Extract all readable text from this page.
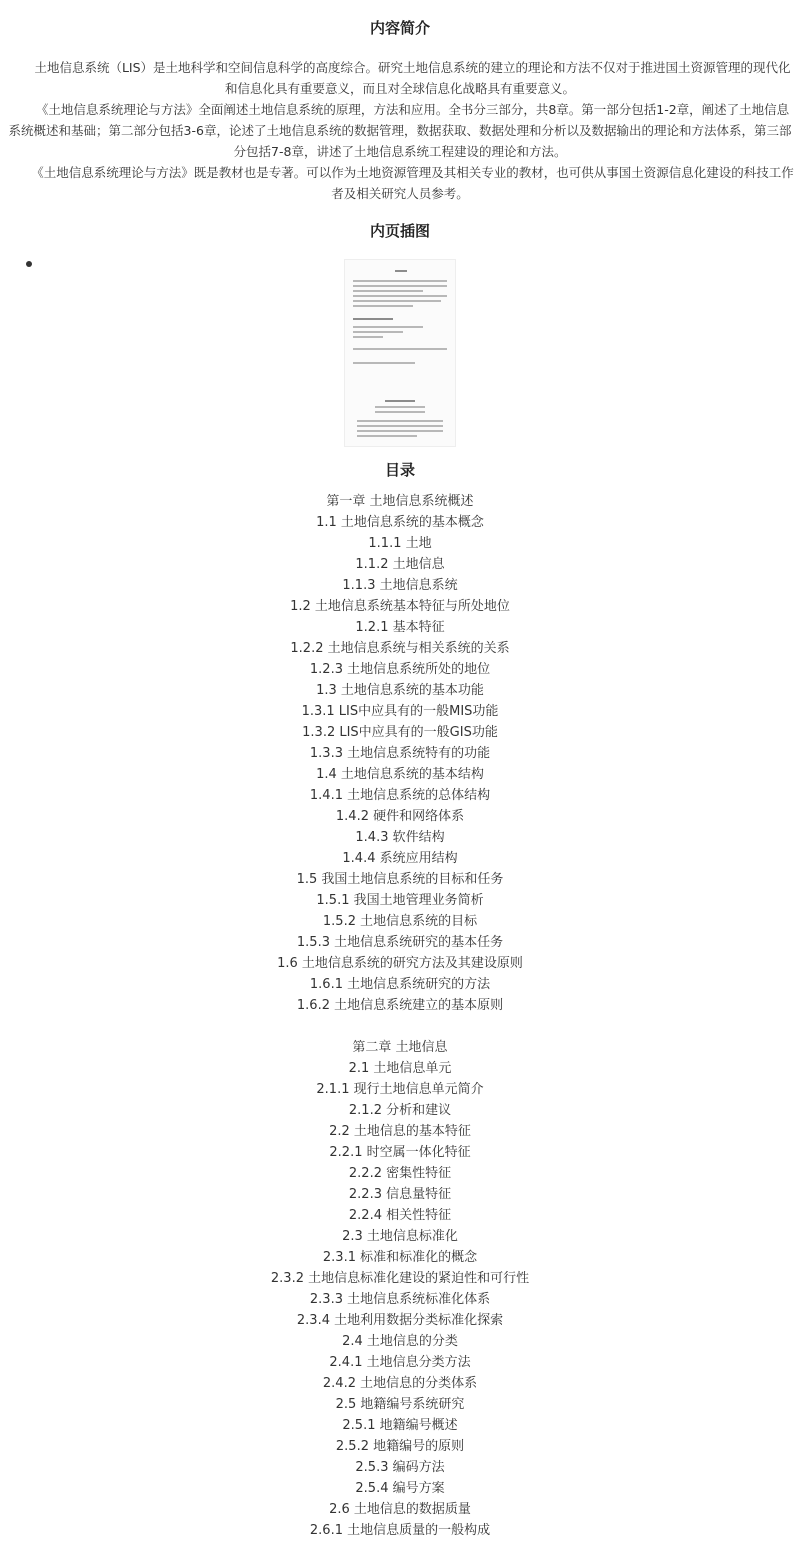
内容简介

土地信息系统（LIS）是土地科学和空间信息科学的高度综合。研究土地信息系统的建立的理论和方法不仅对于推进国土资源管理的现代化和信息化具有重要意义，而且对全球信息化战略具有重要意义。

《土地信息系统理论与方法》全面阐述土地信息系统的原理，方法和应用。全书分三部分，共8章。第一部分包括1-2章，阐述了土地信息系统概述和基础；第二部分包括3-6章，论述了土地信息系统的数据管理，数据获取、数据处理和分析以及数据输出的理论和方法体系，第三部分包括7-8章，讲述了土地信息系统工程建设的理论和方法。

《土地信息系统理论与方法》既是教材也是专著。可以作为土地资源管理及其相关专业的教材，也可供从事国土资源信息化建设的科技工作者及相关研究人员参考。

内页插图
目录
第一章 土地信息系统概述
1.1 土地信息系统的基本概念
1.1.1 土地
1.1.2 土地信息
1.1.3 土地信息系统
1.2 土地信息系统基本特征与所处地位
1.2.1 基本特征
1.2.2 土地信息系统与相关系统的关系
1.2.3 土地信息系统所处的地位
1.3 土地信息系统的基本功能
1.3.1 LIS中应具有的一般MIS功能
1.3.2 LIS中应具有的一般GIS功能
1.3.3 土地信息系统特有的功能
1.4 土地信息系统的基本结构
1.4.1 土地信息系统的总体结构
1.4.2 硬件和网络体系
1.4.3 软件结构
1.4.4 系统应用结构
1.5 我国土地信息系统的目标和任务
1.5.1 我国土地管理业务简析
1.5.2 土地信息系统的目标
1.5.3 土地信息系统研究的基本任务
1.6 土地信息系统的研究方法及其建设原则
1.6.1 土地信息系统研究的方法
1.6.2 土地信息系统建立的基本原则
第二章 土地信息
2.1 土地信息单元
2.1.1 现行土地信息单元简介
2.1.2 分析和建议
2.2 土地信息的基本特征
2.2.1 时空属一体化特征
2.2.2 密集性特征
2.2.3 信息量特征
2.2.4 相关性特征
2.3 土地信息标准化
2.3.1 标准和标准化的概念
2.3.2 土地信息标准化建设的紧迫性和可行性
2.3.3 土地信息系统标准化体系
2.3.4 土地利用数据分类标准化探索
2.4 土地信息的分类
2.4.1 土地信息分类方法
2.4.2 土地信息的分类体系
2.5 地籍编号系统研究
2.5.1 地籍编号概述
2.5.2 地籍编号的原则
2.5.3 编码方法
2.5.4 编号方案
2.6 土地信息的数据质量
2.6.1 土地信息质量的一般构成
